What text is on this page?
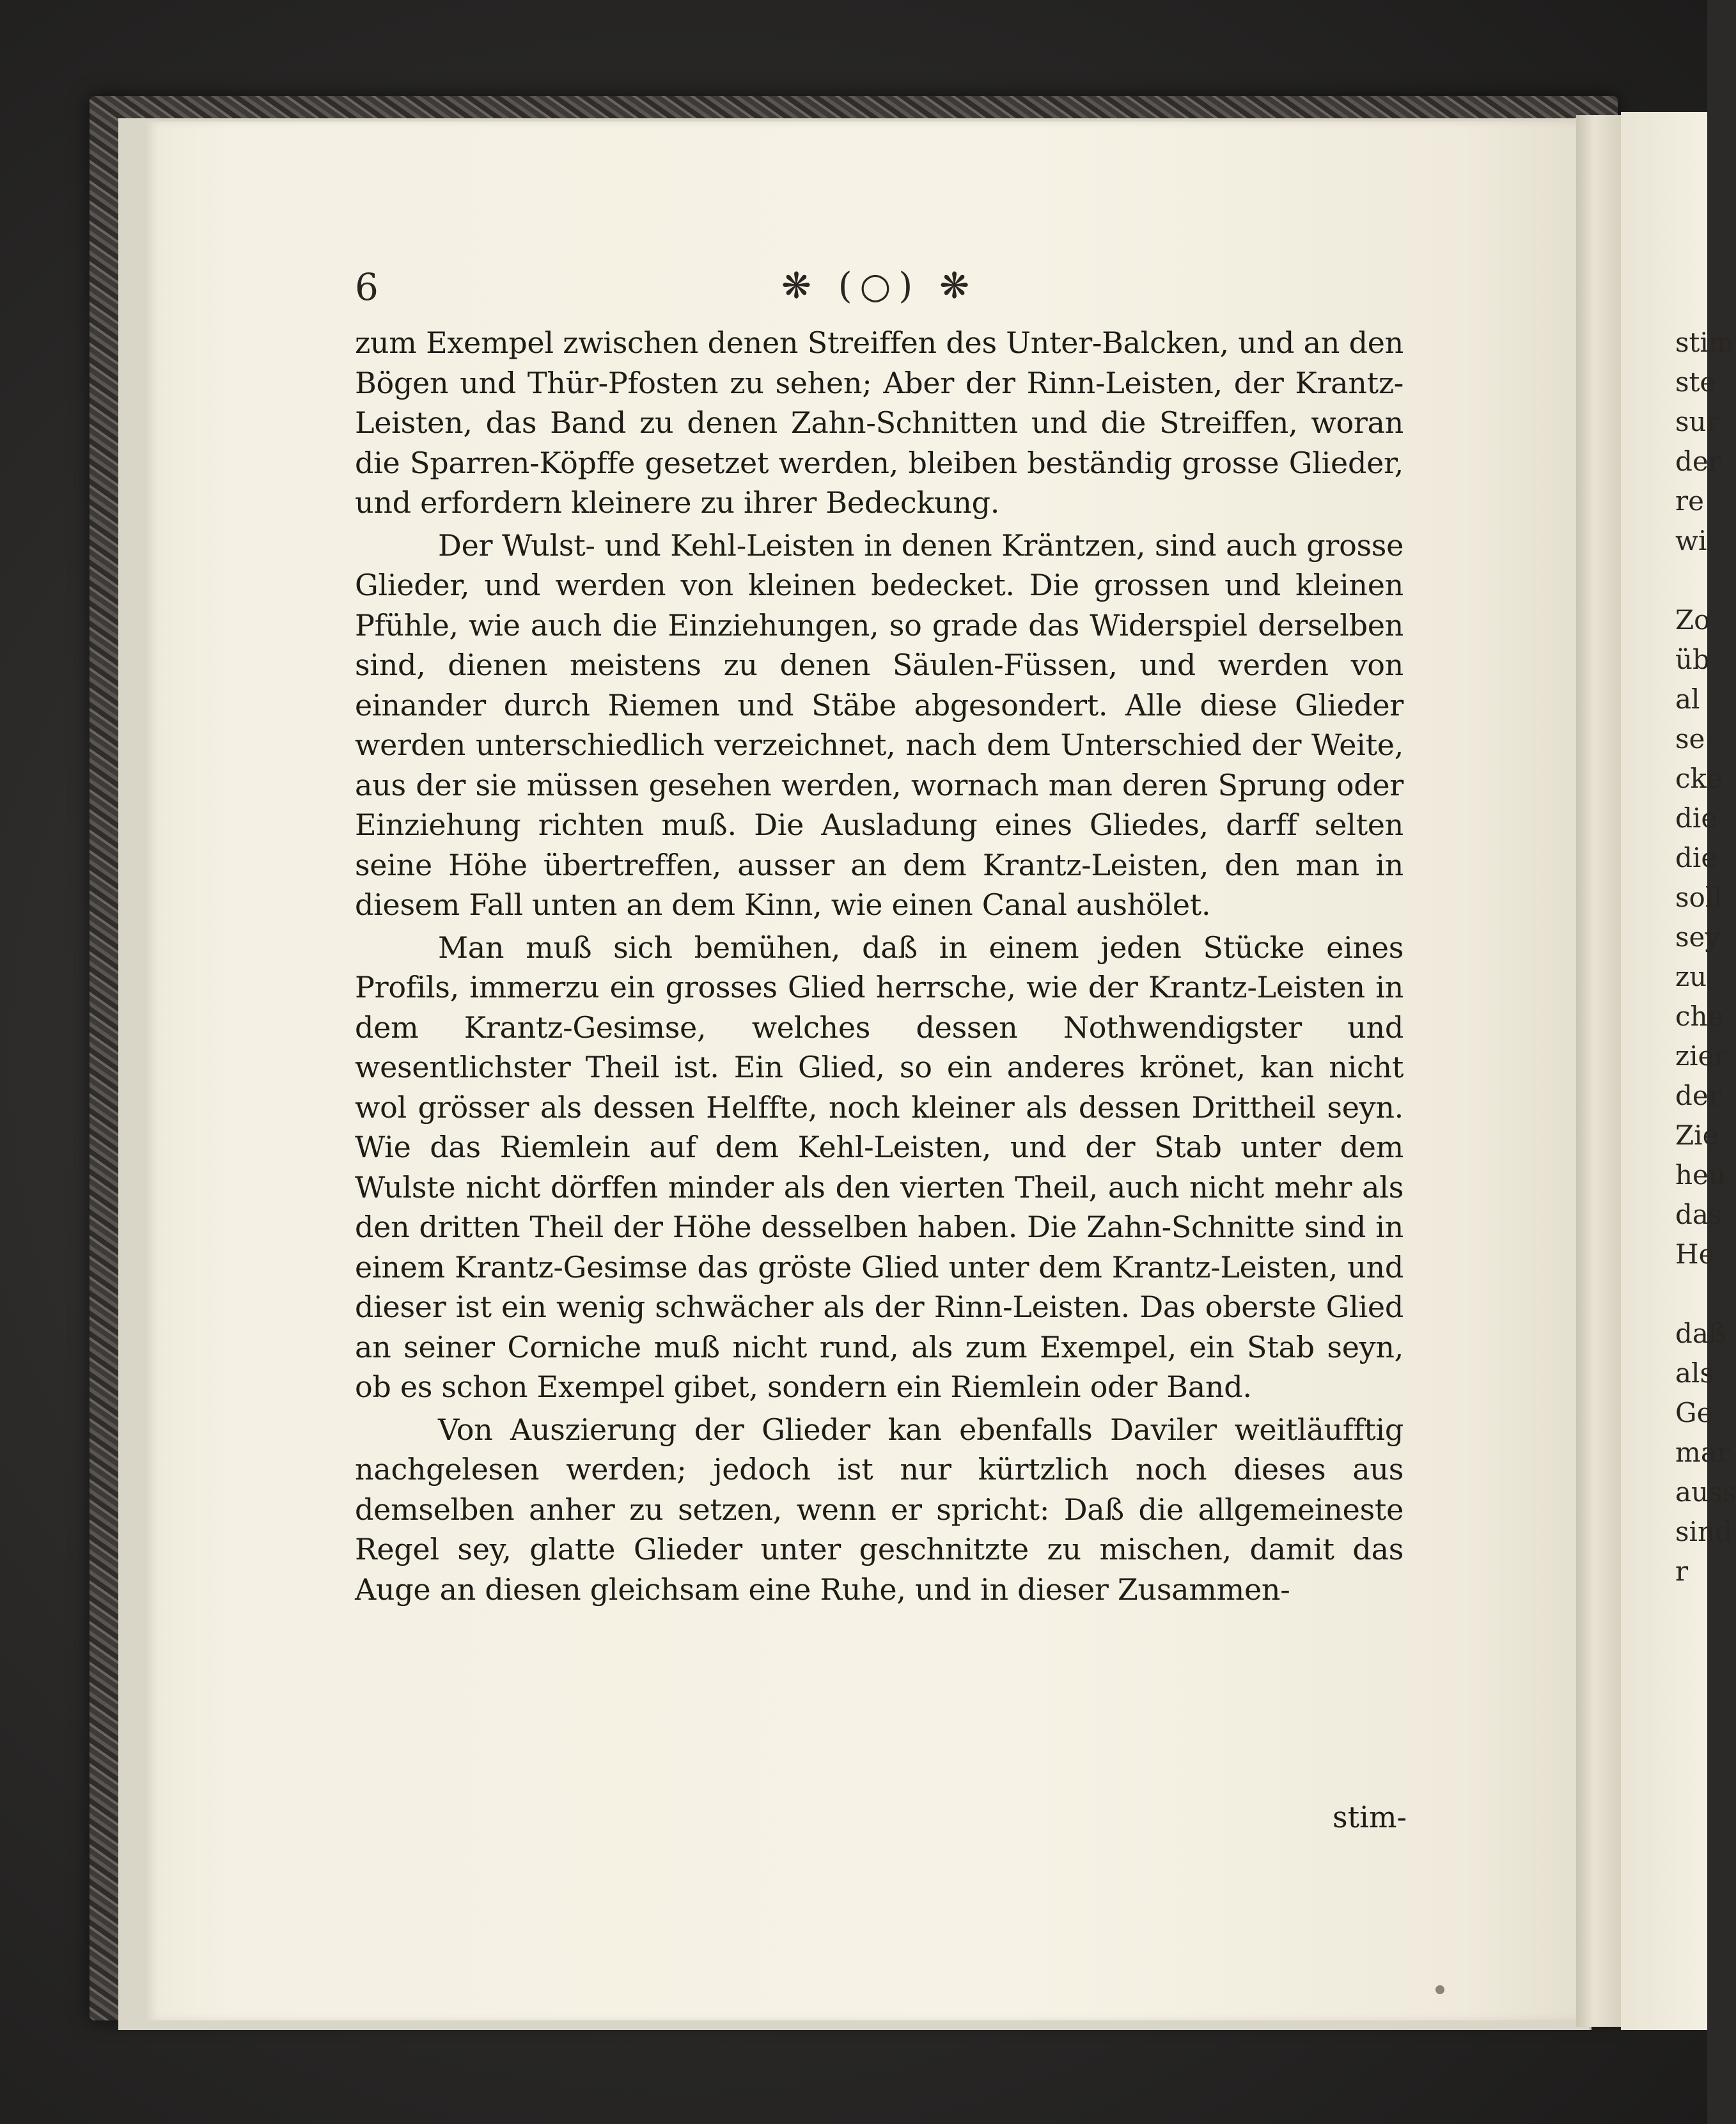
6	❋ (○) ❋

zum Exempel zwischen denen Streiffen des Unter-Balcken, und an den Bögen und Thür-Pfosten zu sehen; Aber der Rinn-Leisten, der Krantz-Leisten, das Band zu denen Zahn-Schnitten und die Streiffen, woran die Sparren-Köpffe gesetzet werden, bleiben beständig grosse Glieder, und erfordern kleinere zu ihrer Bedeckung.

Der Wulst- und Kehl-Leisten in denen Kräntzen, sind auch grosse Glieder, und werden von kleinen bedecket. Die grossen und kleinen Pfühle, wie auch die Einziehungen, so grade das Widerspiel derselben sind, dienen meistens zu denen Säulen-Füssen, und werden von einander durch Riemen und Stäbe abgesondert. Alle diese Glieder werden unterschiedlich verzeichnet, nach dem Unterschied der Weite, aus der sie müssen gesehen werden, wornach man deren Sprung oder Einziehung richten muß. Die Ausladung eines Gliedes, darff selten seine Höhe übertreffen, ausser an dem Krantz-Leisten, den man in diesem Fall unten an dem Kinn, wie einen Canal aushölet.

Man muß sich bemühen, daß in einem jeden Stücke eines Profils, immerzu ein grosses Glied herrsche, wie der Krantz-Leisten in dem Krantz-Gesimse, welches dessen Nothwendigster und wesentlichster Theil ist. Ein Glied, so ein anderes krönet, kan nicht wol grösser als dessen Helffte, noch kleiner als dessen Drittheil seyn. Wie das Riemlein auf dem Kehl-Leisten, und der Stab unter dem Wulste nicht dörffen minder als den vierten Theil, auch nicht mehr als den dritten Theil der Höhe desselben haben. Die Zahn-Schnitte sind in einem Krantz-Gesimse das gröste Glied unter dem Krantz-Leisten, und dieser ist ein wenig schwächer als der Rinn-Leisten. Das oberste Glied an seiner Corniche muß nicht rund, als zum Exempel, ein Stab seyn, ob es schon Exempel gibet, sondern ein Riemlein oder Band.

Von Auszierung der Glieder kan ebenfalls Daviler weitläufftig nachgelesen werden; jedoch ist nur kürtzlich noch dieses aus demselben anher zu setzen, wenn er spricht: Daß die allgemeineste Regel sey, glatte Glieder unter geschnitzte zu mischen, damit das Auge an diesen gleichsam eine Ruhe, und in dieser Zusammen-

stim-
stim
ste
sur
der
re
wi
Zo
üb
al
se
cke
die
die
soll
sey
zu
che
zier
der
Zie
heu
das
He
daß
als
Ge
mar
auss
sind
r
